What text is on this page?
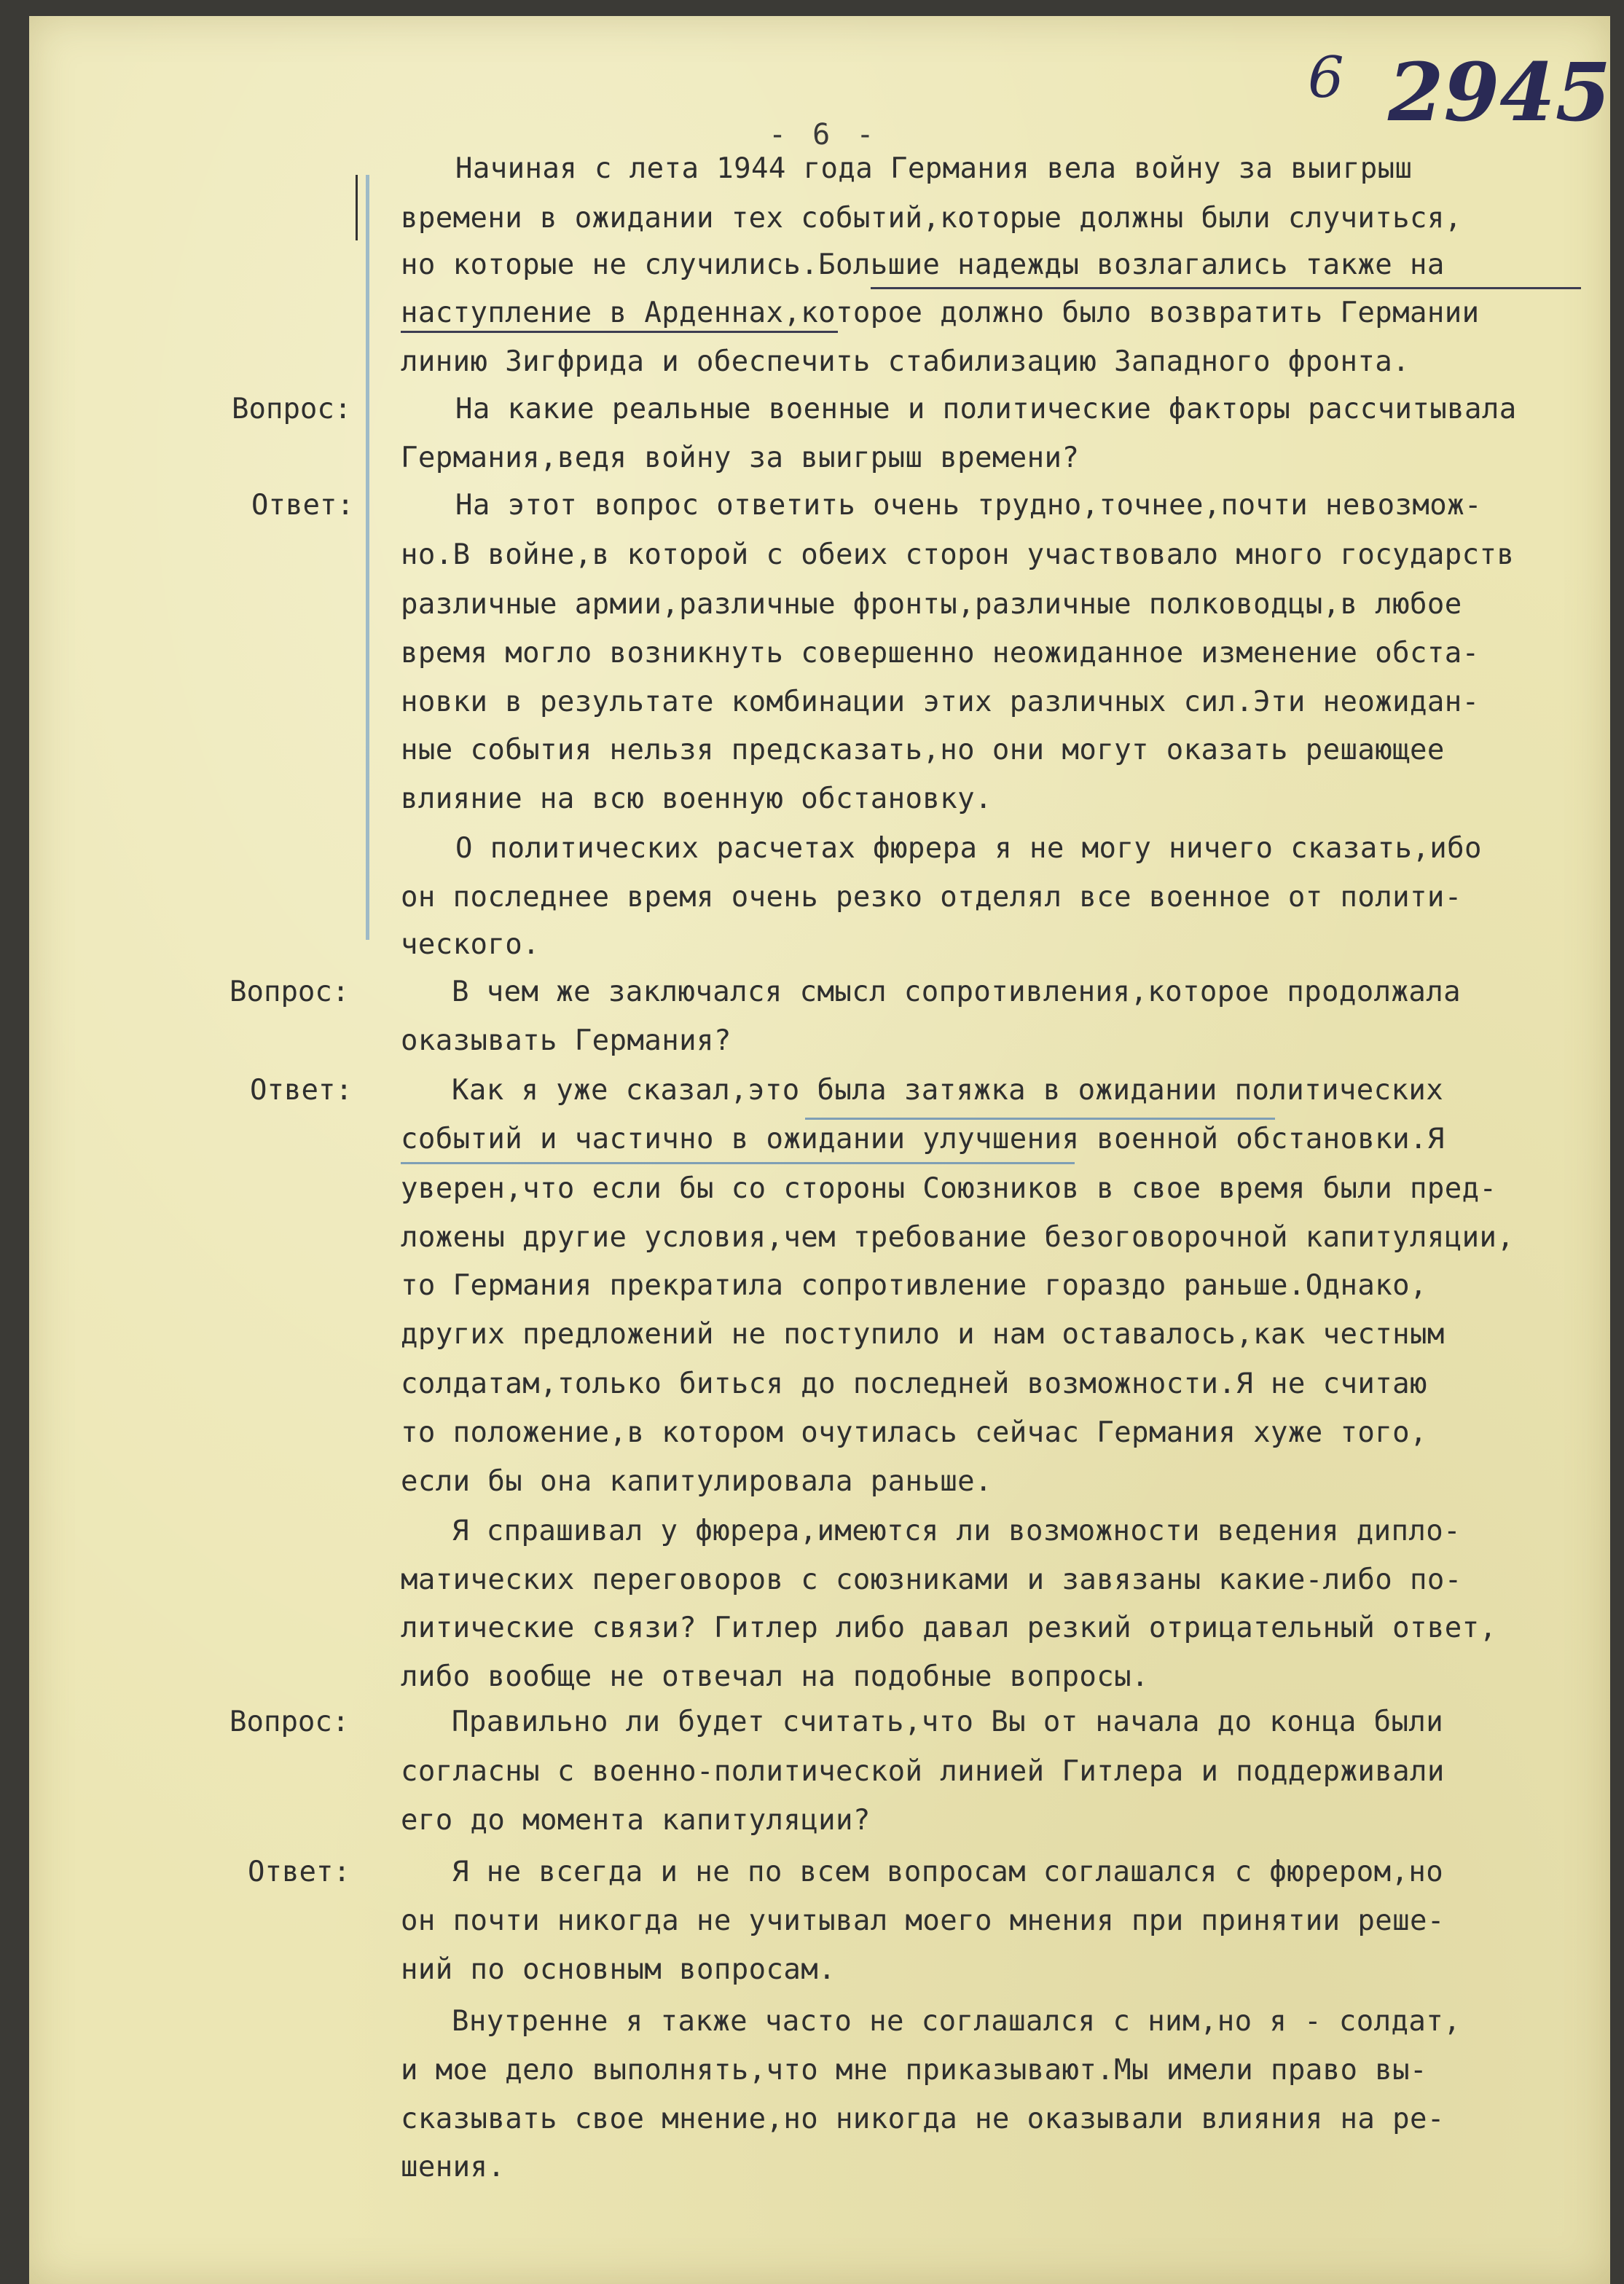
6 2945
- 6 -
Вопрос:
Ответ:
Вопрос:
Ответ:
Вопрос:
Ответ:
Начиная с лета 1944 года Германия вела войну за выигрыш
времени в ожидании тех событий,которые должны были случиться,
но которые не случились.Большие надежды возлагались также на
наступление в Арденнах,которое должно было возвратить Германии
линию Зигфрида и обеспечить стабилизацию Западного фронта.
На какие реальные военные и политические факторы рассчитывала
Германия,ведя войну за выигрыш времени?
На этот вопрос ответить очень трудно,точнее,почти невозмож-
но.В войне,в которой с обеих сторон участвовало много государств
различные армии,различные фронты,различные полководцы,в любое
время могло возникнуть совершенно неожиданное изменение обста-
новки в результате комбинации этих различных сил.Эти неожидан-
ные события нельзя предсказать,но они могут оказать решающее
влияние на всю военную обстановку.
О политических расчетах фюрера я не могу ничего сказать,ибо
он последнее время очень резко отделял все военное от полити-
ческого.
В чем же заключался смысл сопротивления,которое продолжала
оказывать Германия?
Как я уже сказал,это была затяжка в ожидании политических
событий и частично в ожидании улучшения военной обстановки.Я
уверен,что если бы со стороны Союзников в свое время были пред-
ложены другие условия,чем требование безоговорочной капитуляции,
то Германия прекратила сопротивление гораздо раньше.Однако,
других предложений не поступило и нам оставалось,как честным
солдатам,только биться до последней возможности.Я не считаю
то положение,в котором очутилась сейчас Германия хуже того,
если бы она капитулировала раньше.
Я спрашивал у фюрера,имеются ли возможности ведения дипло-
матических переговоров с союзниками и завязаны какие-либо по-
литические связи? Гитлер либо давал резкий отрицательный ответ,
либо вообще не отвечал на подобные вопросы.
Правильно ли будет считать,что Вы от начала до конца были
согласны с военно-политической линией Гитлера и поддерживали
его до момента капитуляции?
Я не всегда и не по всем вопросам соглашался с фюрером,но
он почти никогда не учитывал моего мнения при принятии реше-
ний по основным вопросам.
Внутренне я также часто не соглашался с ним,но я - солдат,
и мое дело выполнять,что мне приказывают.Мы имели право вы-
сказывать свое мнение,но никогда не оказывали влияния на ре-
шения.
